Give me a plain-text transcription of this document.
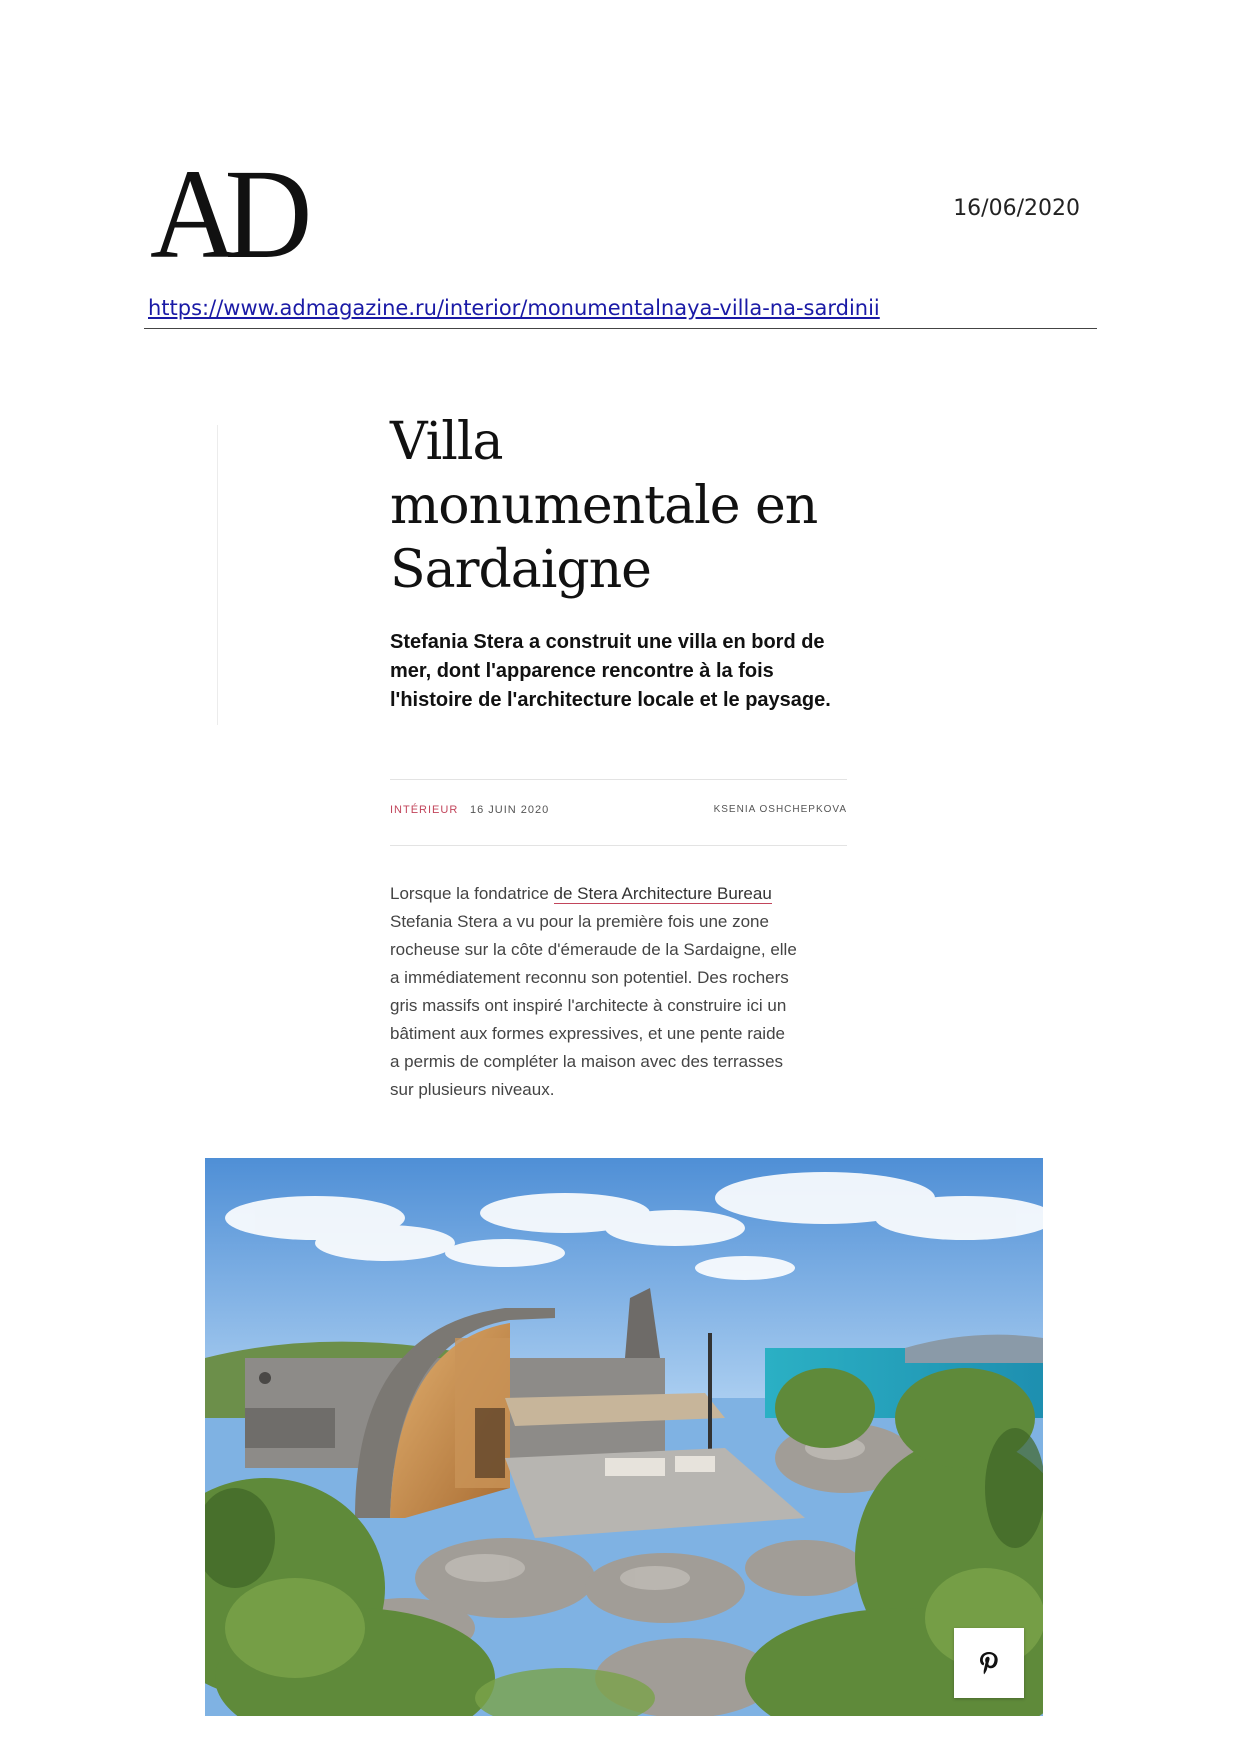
AD	16/06/2020
https://www.admagazine.ru/interior/monumentalnaya-villa-na-sardinii
Villa
monumentale en
Sardaigne

Stefania Stera a construit une villa en bord de mer, dont l'apparence rencontre à la fois l'histoire de l'architecture locale et le paysage.

INTÉRIEUR 16 JUIN 2020	KSENIA OSHCHEPKOVA

Lorsque la fondatrice de Stera Architecture Bureau
Stefania Stera a vu pour la première fois une zone
rocheuse sur la côte d'émeraude de la Sardaigne, elle
a immédiatement reconnu son potentiel. Des rochers
gris massifs ont inspiré l'architecte à construire ici un
bâtiment aux formes expressives, et une pente raide
a permis de compléter la maison avec des terrasses
sur plusieurs niveaux.
